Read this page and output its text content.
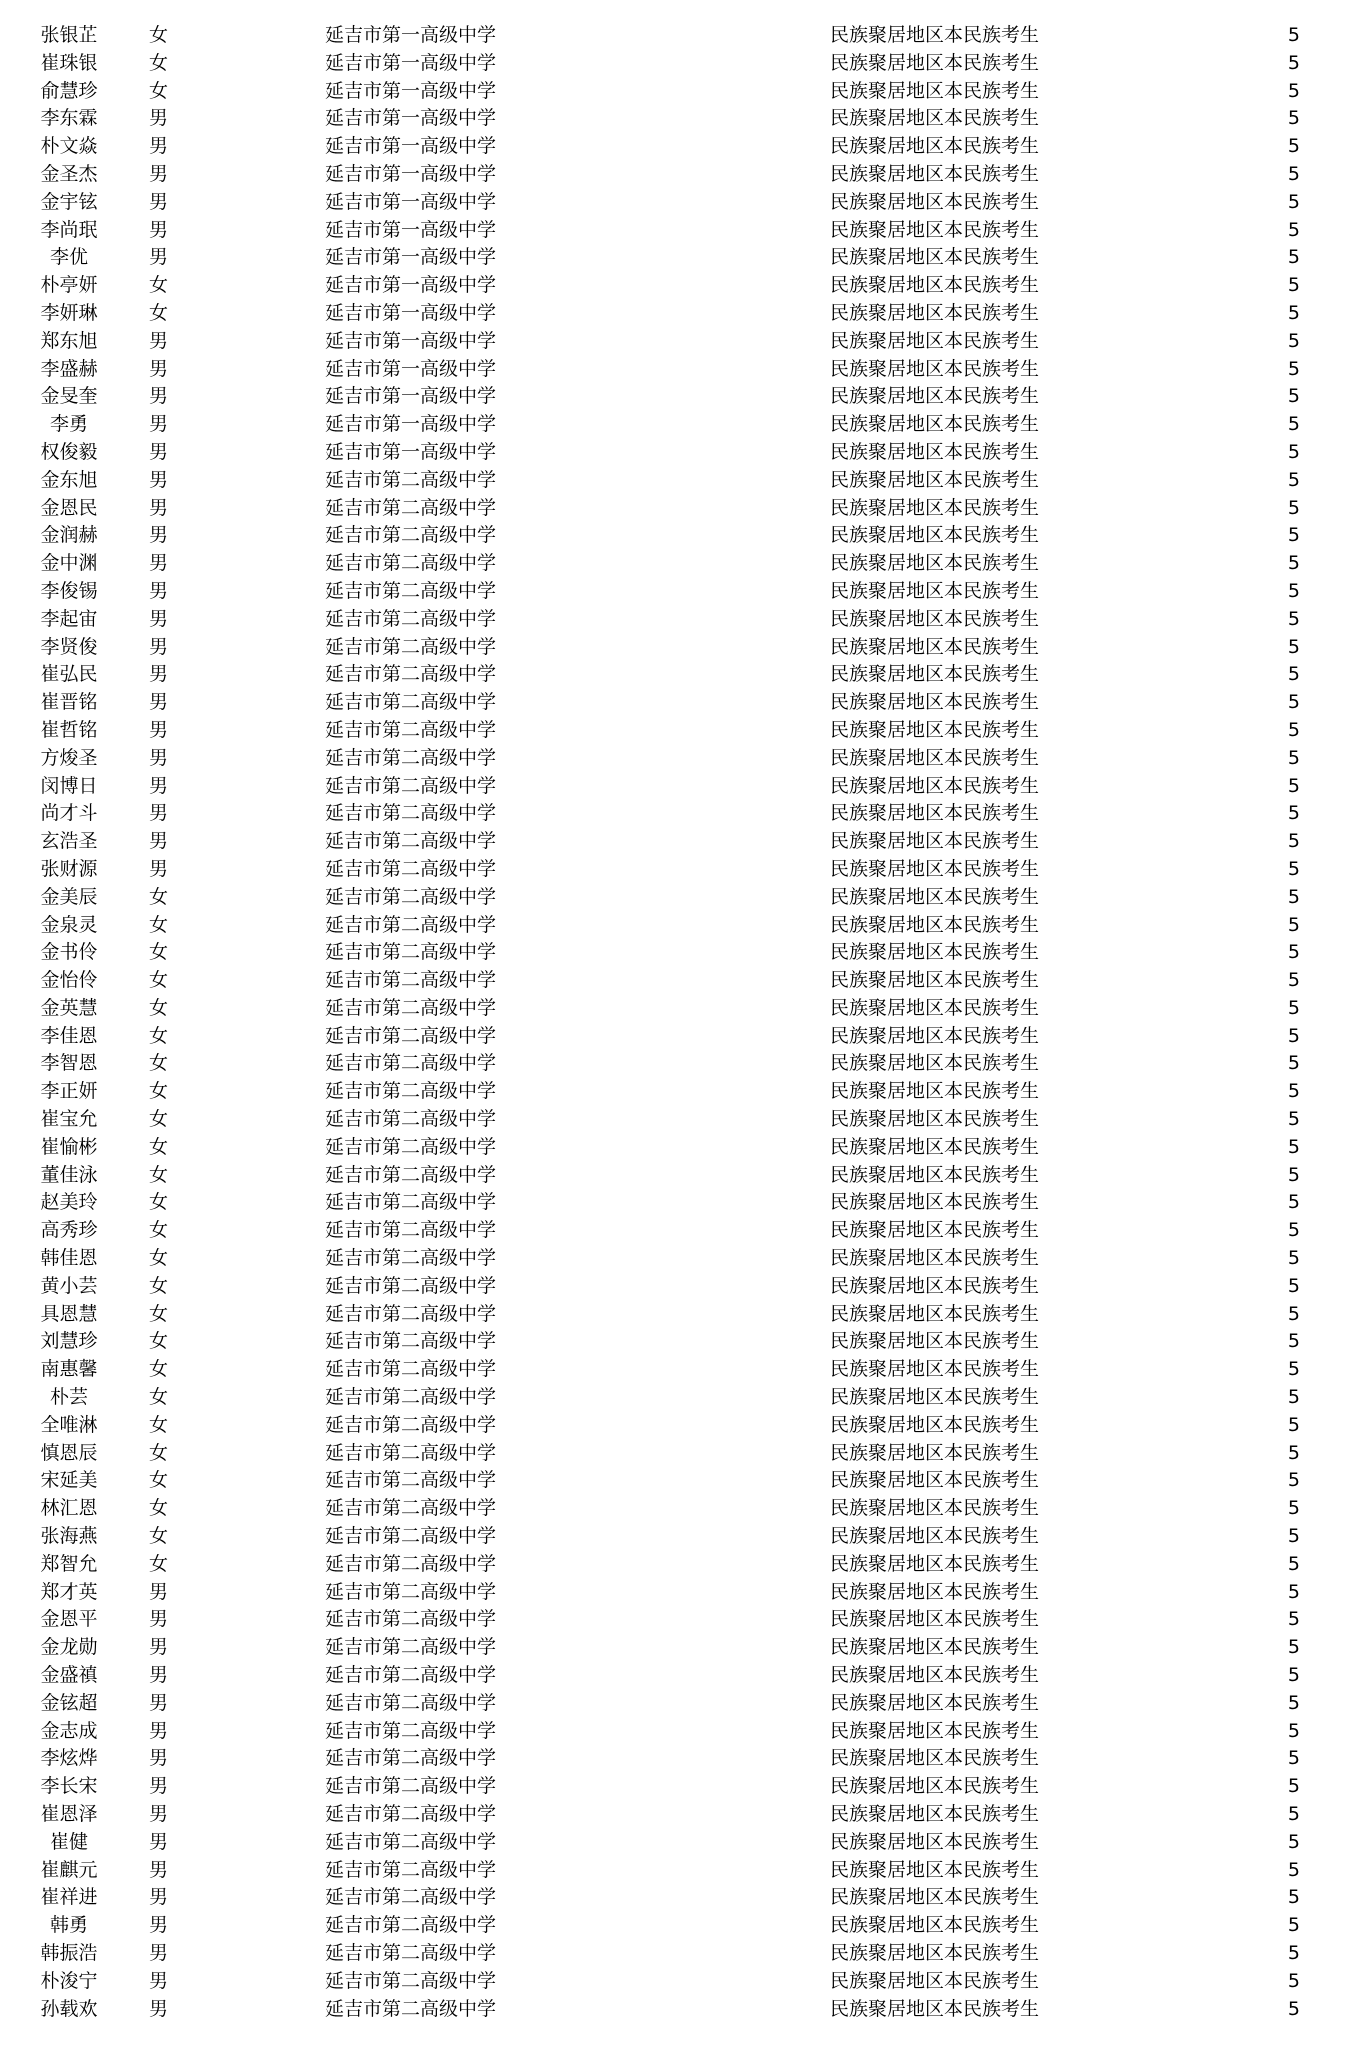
张银芷	女	延吉市第一高级中学	民族聚居地区本民族考生	5
崔珠银	女	延吉市第一高级中学	民族聚居地区本民族考生	5
俞慧珍	女	延吉市第一高级中学	民族聚居地区本民族考生	5
李东霖	男	延吉市第一高级中学	民族聚居地区本民族考生	5
朴文焱	男	延吉市第一高级中学	民族聚居地区本民族考生	5
金圣杰	男	延吉市第一高级中学	民族聚居地区本民族考生	5
金宇铉	男	延吉市第一高级中学	民族聚居地区本民族考生	5
李尚珉	男	延吉市第一高级中学	民族聚居地区本民族考生	5
李优	男	延吉市第一高级中学	民族聚居地区本民族考生	5
朴亭妍	女	延吉市第一高级中学	民族聚居地区本民族考生	5
李妍琳	女	延吉市第一高级中学	民族聚居地区本民族考生	5
郑东旭	男	延吉市第一高级中学	民族聚居地区本民族考生	5
李盛赫	男	延吉市第一高级中学	民族聚居地区本民族考生	5
金旻奎	男	延吉市第一高级中学	民族聚居地区本民族考生	5
李勇	男	延吉市第一高级中学	民族聚居地区本民族考生	5
权俊毅	男	延吉市第一高级中学	民族聚居地区本民族考生	5
金东旭	男	延吉市第二高级中学	民族聚居地区本民族考生	5
金恩民	男	延吉市第二高级中学	民族聚居地区本民族考生	5
金润赫	男	延吉市第二高级中学	民族聚居地区本民族考生	5
金中渊	男	延吉市第二高级中学	民族聚居地区本民族考生	5
李俊锡	男	延吉市第二高级中学	民族聚居地区本民族考生	5
李起宙	男	延吉市第二高级中学	民族聚居地区本民族考生	5
李贤俊	男	延吉市第二高级中学	民族聚居地区本民族考生	5
崔弘民	男	延吉市第二高级中学	民族聚居地区本民族考生	5
崔晋铭	男	延吉市第二高级中学	民族聚居地区本民族考生	5
崔哲铭	男	延吉市第二高级中学	民族聚居地区本民族考生	5
方焌圣	男	延吉市第二高级中学	民族聚居地区本民族考生	5
闵博日	男	延吉市第二高级中学	民族聚居地区本民族考生	5
尚才斗	男	延吉市第二高级中学	民族聚居地区本民族考生	5
玄浩圣	男	延吉市第二高级中学	民族聚居地区本民族考生	5
张财源	男	延吉市第二高级中学	民族聚居地区本民族考生	5
金美辰	女	延吉市第二高级中学	民族聚居地区本民族考生	5
金泉灵	女	延吉市第二高级中学	民族聚居地区本民族考生	5
金书伶	女	延吉市第二高级中学	民族聚居地区本民族考生	5
金怡伶	女	延吉市第二高级中学	民族聚居地区本民族考生	5
金英慧	女	延吉市第二高级中学	民族聚居地区本民族考生	5
李佳恩	女	延吉市第二高级中学	民族聚居地区本民族考生	5
李智恩	女	延吉市第二高级中学	民族聚居地区本民族考生	5
李正妍	女	延吉市第二高级中学	民族聚居地区本民族考生	5
崔宝允	女	延吉市第二高级中学	民族聚居地区本民族考生	5
崔愉彬	女	延吉市第二高级中学	民族聚居地区本民族考生	5
董佳泳	女	延吉市第二高级中学	民族聚居地区本民族考生	5
赵美玲	女	延吉市第二高级中学	民族聚居地区本民族考生	5
高秀珍	女	延吉市第二高级中学	民族聚居地区本民族考生	5
韩佳恩	女	延吉市第二高级中学	民族聚居地区本民族考生	5
黄小芸	女	延吉市第二高级中学	民族聚居地区本民族考生	5
具恩慧	女	延吉市第二高级中学	民族聚居地区本民族考生	5
刘慧珍	女	延吉市第二高级中学	民族聚居地区本民族考生	5
南惠馨	女	延吉市第二高级中学	民族聚居地区本民族考生	5
朴芸	女	延吉市第二高级中学	民族聚居地区本民族考生	5
全唯淋	女	延吉市第二高级中学	民族聚居地区本民族考生	5
慎恩辰	女	延吉市第二高级中学	民族聚居地区本民族考生	5
宋延美	女	延吉市第二高级中学	民族聚居地区本民族考生	5
林汇恩	女	延吉市第二高级中学	民族聚居地区本民族考生	5
张海燕	女	延吉市第二高级中学	民族聚居地区本民族考生	5
郑智允	女	延吉市第二高级中学	民族聚居地区本民族考生	5
郑才英	男	延吉市第二高级中学	民族聚居地区本民族考生	5
金恩平	男	延吉市第二高级中学	民族聚居地区本民族考生	5
金龙勋	男	延吉市第二高级中学	民族聚居地区本民族考生	5
金盛禛	男	延吉市第二高级中学	民族聚居地区本民族考生	5
金铉超	男	延吉市第二高级中学	民族聚居地区本民族考生	5
金志成	男	延吉市第二高级中学	民族聚居地区本民族考生	5
李炫烨	男	延吉市第二高级中学	民族聚居地区本民族考生	5
李长宋	男	延吉市第二高级中学	民族聚居地区本民族考生	5
崔恩泽	男	延吉市第二高级中学	民族聚居地区本民族考生	5
崔健	男	延吉市第二高级中学	民族聚居地区本民族考生	5
崔麒元	男	延吉市第二高级中学	民族聚居地区本民族考生	5
崔祥进	男	延吉市第二高级中学	民族聚居地区本民族考生	5
韩勇	男	延吉市第二高级中学	民族聚居地区本民族考生	5
韩振浩	男	延吉市第二高级中学	民族聚居地区本民族考生	5
朴浚宁	男	延吉市第二高级中学	民族聚居地区本民族考生	5
孙载欢	男	延吉市第二高级中学	民族聚居地区本民族考生	5
